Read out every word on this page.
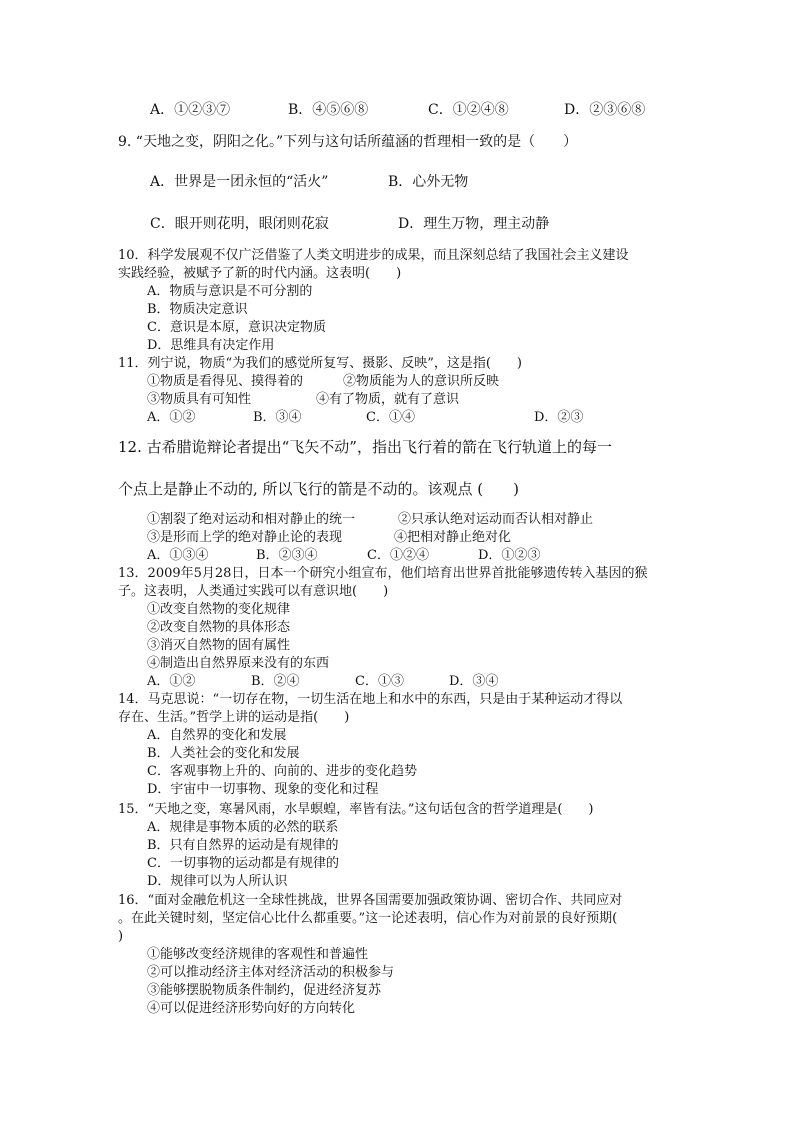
A．①②③⑦	B．④⑤⑥⑧	C．①②④⑧	D．②③⑥⑧
9. “天地之变，阴阳之化。”下列与这句话所蕴涵的哲理相一致的是（　　）
A．世界是一团永恒的“活火”	B．心外无物
C．眼开则花明，眼闭则花寂	D．理生万物，理主动静
10．科学发展观不仅广泛借鉴了人类文明进步的成果，而且深刻总结了我国社会主义建设
实践经验，被赋予了新的时代内涵。这表明(　　)
A．物质与意识是不可分割的
B．物质决定意识
C．意识是本原，意识决定物质
D．思维具有决定作用
11．列宁说，物质“为我们的感觉所复写、摄影、反映”，这是指(　　)
①物质是看得见、摸得着的	②物质能为人的意识所反映
③物质具有可知性	④有了物质，就有了意识
A．①②	B．③④	C．①④	D．②③
12. 古希腊诡辩论者提出“飞矢不动”，指出飞行着的箭在飞行轨道上的每一
个点上是静止不动的, 所以飞行的箭是不动的。该观点 (　　)
①割裂了绝对运动和相对静止的统一	②只承认绝对运动而否认相对静止
③是形而上学的绝对静止论的表现	④把相对静止绝对化
A．①③④	B．②③④	C．①②④	D．①②③
13．2009年5月28日，日本一个研究小组宣布，他们培育出世界首批能够遗传转入基因的猴
子。这表明，人类通过实践可以有意识地(　　)
①改变自然物的变化规律
②改变自然物的具体形态
③消灭自然物的固有属性
④制造出自然界原来没有的东西
A．①②	B．②④	C．①③	D．③④
14．马克思说：“一切存在物，一切生活在地上和水中的东西，只是由于某种运动才得以
存在、生活。”哲学上讲的运动是指(　　)
A．自然界的变化和发展
B．人类社会的变化和发展
C．客观事物上升的、向前的、进步的变化趋势
D．宇宙中一切事物、现象的变化和过程
15．“天地之变，寒暑风雨，水旱螟蝗，率皆有法。”这句话包含的哲学道理是(　　)
A．规律是事物本质的必然的联系
B．只有自然界的运动是有规律的
C．一切事物的运动都是有规律的
D．规律可以为人所认识
16．“面对金融危机这一全球性挑战，世界各国需要加强政策协调、密切合作、共同应对
。在此关键时刻，坚定信心比什么都重要。”这一论述表明，信心作为对前景的良好预期(
)
①能够改变经济规律的客观性和普遍性
②可以推动经济主体对经济活动的积极参与
③能够摆脱物质条件制约，促进经济复苏
④可以促进经济形势向好的方向转化
